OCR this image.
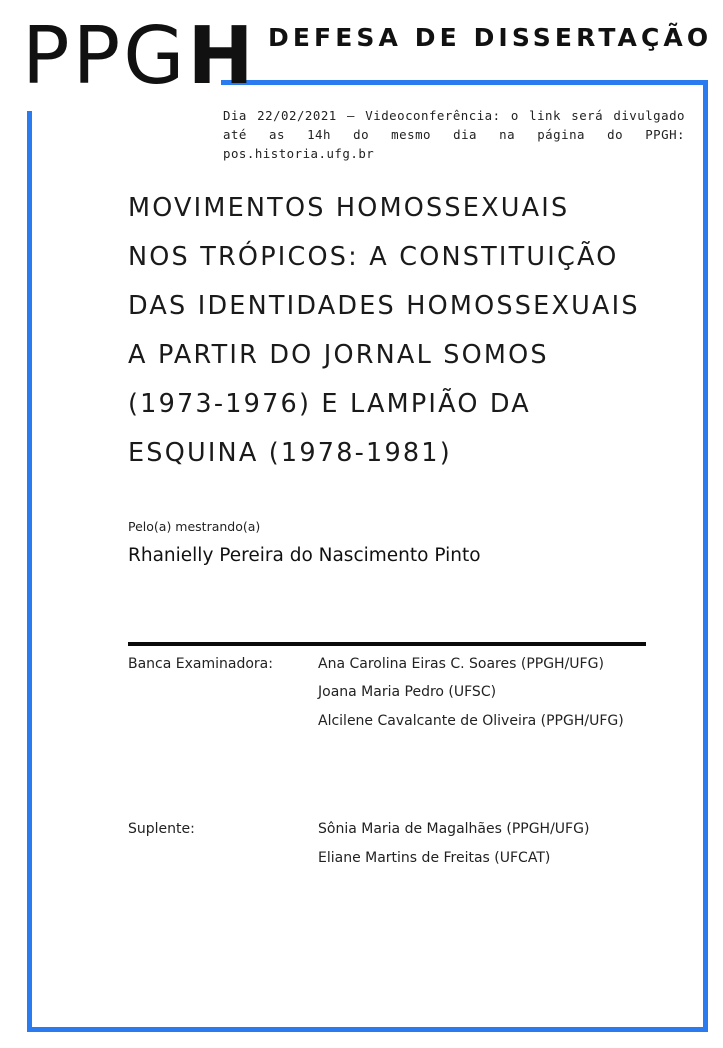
PPGH DEFESA DE DISSERTAÇÃO
Dia 22/02/2021 – Videoconferência: o link será divulgado até as 14h do mesmo dia na página do PPGH: pos.historia.ufg.br
MOVIMENTOS HOMOSSEXUAIS
NOS TRÓPICOS: A CONSTITUIÇÃO
DAS IDENTIDADES HOMOSSEXUAIS
A PARTIR DO JORNAL SOMOS
(1973-1976) E LAMPIÃO DA
ESQUINA (1978-1981)
Pelo(a) mestrando(a)
Rhanielly Pereira do Nascimento Pinto
Banca Examinadora:	Ana Carolina Eiras C. Soares (PPGH/UFG)
Joana Maria Pedro (UFSC)
Alcilene Cavalcante de Oliveira (PPGH/UFG)
Suplente:	Sônia Maria de Magalhães (PPGH/UFG)
Eliane Martins de Freitas (UFCAT)
